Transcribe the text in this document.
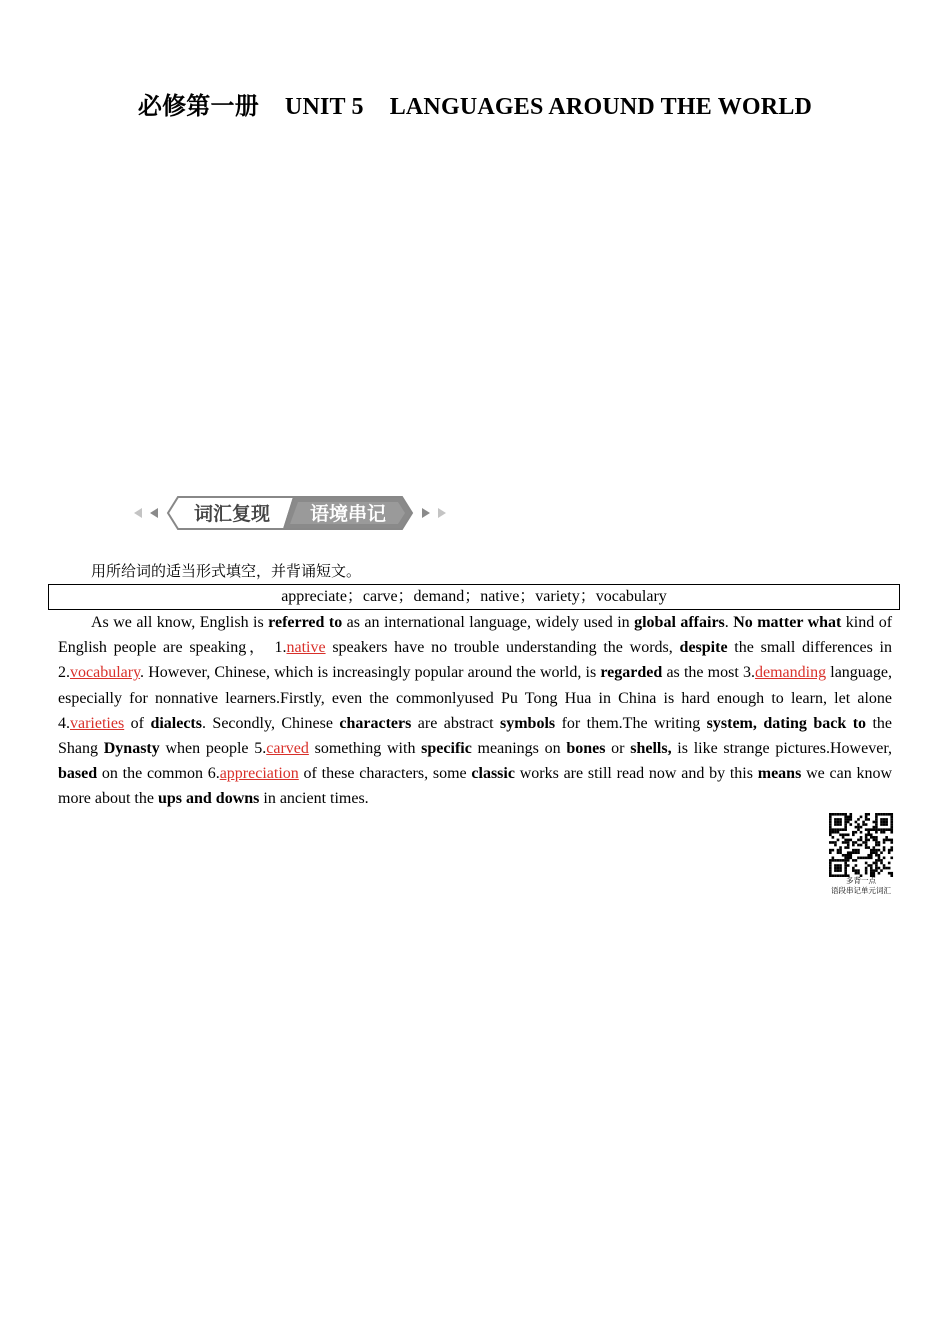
必修第一册 UNIT 5 LANGUAGES AROUND THE WORLD
词汇复现 语境串记
用所给词的适当形式填空，并背诵短文。
appreciate；carve；demand；native；variety；vocabulary

As we all know, English is referred to as an international language, widely used in global affairs. No matter what kind of English people are speaking， 1.native speakers have no trouble understanding the words, despite the small differences in 2.vocabulary. However, Chinese, which is increasingly popular around the world, is regarded as the most 3.demanding language, especially for nonnative learners.Firstly, even the commonlyused Pu Tong Hua in China is hard enough to learn, let alone 4.varieties of dialects. Secondly, Chinese characters are abstract symbols for them.The writing system, dating back to the Shang Dynasty when people 5.carved something with specific meanings on bones or shells, is like strange pictures.However, based on the common 6.appreciation of these characters, some classic works are still read now and by this means we can know more about the ups and downs in ancient times.

多背一点
语段串记单元词汇
